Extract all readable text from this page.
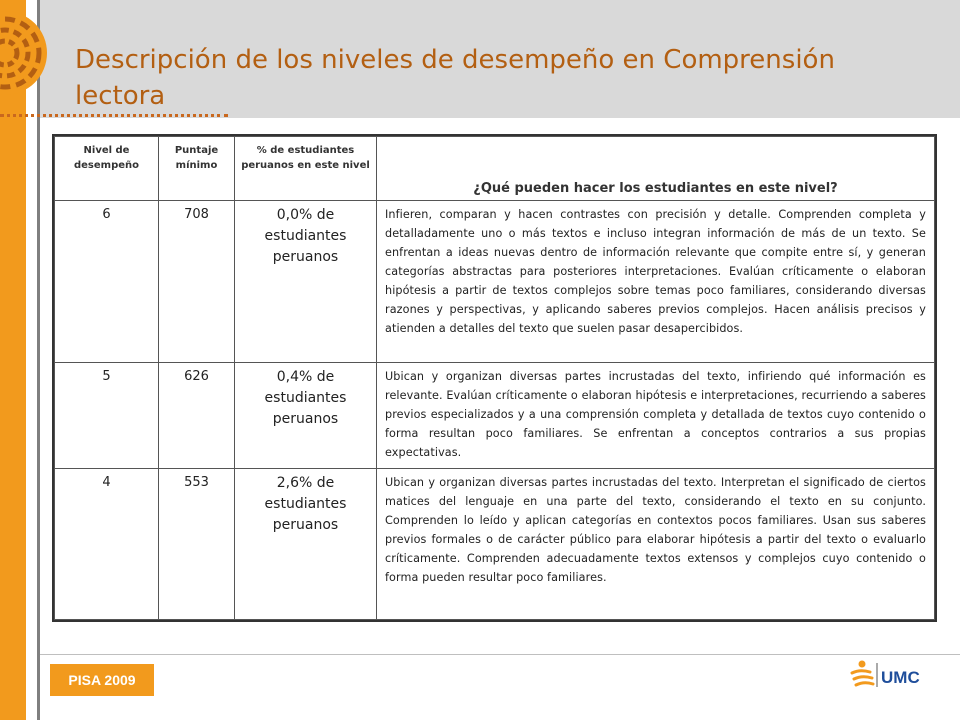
Descripción de los niveles de desempeño en Comprensión lectora
Nivel de desempeño	Puntaje mínimo	% de estudiantes peruanos en este nivel	¿Qué pueden hacer los estudiantes en este nivel?
6	708	0,0% de estudiantes peruanos	Infieren, comparan y hacen contrastes con precisión y detalle. Comprenden completa y detalladamente uno o más textos e incluso integran información de más de un texto. Se enfrentan a ideas nuevas dentro de información relevante que compite entre sí, y generan categorías abstractas para posteriores interpretaciones. Evalúan críticamente o elaboran hipótesis a partir de textos complejos sobre temas poco familiares, considerando diversas razones y perspectivas, y aplicando saberes previos complejos. Hacen análisis precisos y atienden a detalles del texto que suelen pasar desapercibidos.
5	626	0,4% de estudiantes peruanos	Ubican y organizan diversas partes incrustadas del texto, infiriendo qué información es relevante. Evalúan críticamente o elaboran hipótesis e interpretaciones, recurriendo a saberes previos especializados y a una comprensión completa y detallada de textos cuyo contenido o forma resultan poco familiares. Se enfrentan a conceptos contrarios a sus propias expectativas.
4	553	2,6% de estudiantes peruanos	Ubican y organizan diversas partes incrustadas del texto. Interpretan el significado de ciertos matices del lenguaje en una parte del texto, considerando el texto en su conjunto. Comprenden lo leído y aplican categorías en contextos pocos familiares. Usan sus saberes previos formales o de carácter público para elaborar hipótesis a partir del texto o evaluarlo críticamente. Comprenden adecuadamente textos extensos y complejos cuyo contenido o forma pueden resultar poco familiares.
PISA 2009	UMC
